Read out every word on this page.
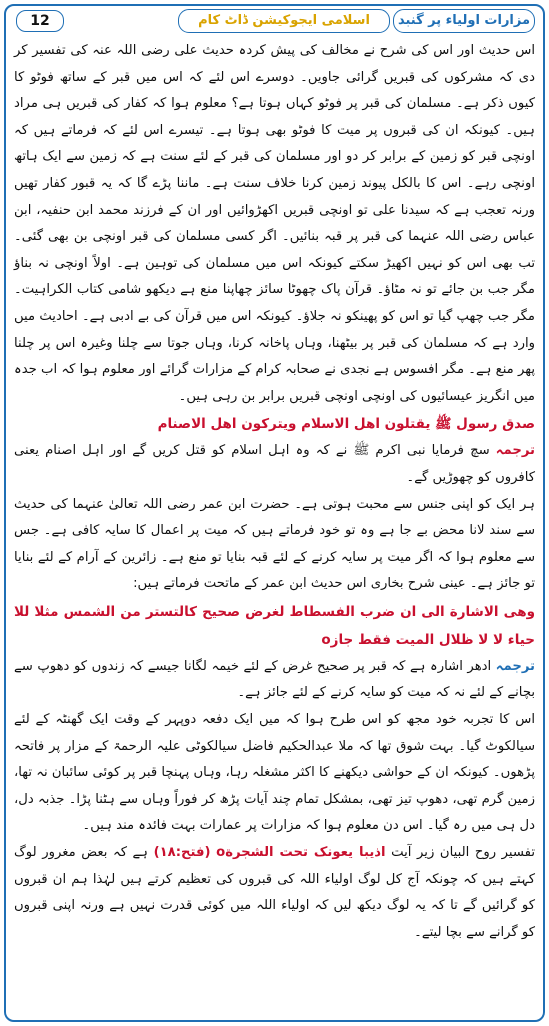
12	اسلامی ایجوکیشن ڈاٹ کام	مزارات اولیاء پر گنبد

اس حدیث اور اس کی شرح نے مخالف کی پیش کردہ حدیث علی رضی اللہ عنہ کی تفسیر کر دی کہ مشرکوں کی قبریں گرائی جاویں۔ دوسرے اس لئے کہ اس میں قبر کے ساتھ فوٹو کا کیوں ذکر ہے۔ مسلمان کی قبر پر فوٹو کہاں ہوتا ہے؟ معلوم ہوا کہ کفار کی قبریں ہی مراد ہیں۔ کیونکہ ان کی قبروں پر میت کا فوٹو بھی ہوتا ہے۔ تیسرے اس لئے کہ فرماتے ہیں کہ اونچی قبر کو زمین کے برابر کر دو اور مسلمان کی قبر کے لئے سنت ہے کہ زمین سے ایک ہاتھ اونچی رہے۔ اس کا بالکل پیوند زمین کرنا خلاف سنت ہے۔ ماننا پڑے گا کہ یہ قبور کفار تھیں ورنہ تعجب ہے کہ سیدنا علی تو اونچی قبریں اکھڑوائیں اور ان کے فرزند محمد ابن حنفیہ، ابن عباس رضی اللہ عنہما کی قبر پر قبہ بنائیں۔ اگر کسی مسلمان کی قبر اونچی بن بھی گئی۔ تب بھی اس کو نہیں اکھیڑ سکتے کیونکہ اس میں مسلمان کی توہین ہے۔ اولاً اونچی نہ بناؤ مگر جب بن جائے تو نہ مٹاؤ۔ قرآن پاک چھوٹا سائز چھاپنا منع ہے دیکھو شامی کتاب الکراہیت۔ مگر جب چھپ گیا تو اس کو پھینکو نہ جلاؤ۔ کیونکہ اس میں قرآن کی بے ادبی ہے۔ احادیث میں وارد ہے کہ مسلمان کی قبر پر بیٹھنا، وہاں پاخانہ کرنا، وہاں جوتا سے چلنا وغیرہ اس پر چلنا پھر منع ہے۔ مگر افسوس ہے نجدی نے صحابہ کرام کے مزارات گرائے اور معلوم ہوا کہ اب جدہ میں انگریز عیسائیوں کی اونچی اونچی قبریں برابر بن رہی ہیں۔

صدق رسول ﷺ یقتلون اهل الاسلام ویترکون اهل الاصنام

ترجمہ سچ فرمایا نبی اکرم ﷺ نے کہ وہ اہل اسلام کو قتل کریں گے اور اہل اصنام یعنی کافروں کو چھوڑیں گے۔

ہر ایک کو اپنی جنس سے محبت ہوتی ہے۔ حضرت ابن عمر رضی اللہ تعالیٰ عنہما کی حدیث سے سند لانا محض بے جا ہے وہ تو خود فرماتے ہیں کہ میت پر اعمال کا سایہ کافی ہے۔ جس سے معلوم ہوا کہ اگر میت پر سایہ کرنے کے لئے قبہ بنایا تو منع ہے۔ زائرین کے آرام کے لئے بنایا تو جائز ہے۔ عینی شرح بخاری اس حدیث ابن عمر کے ماتحت فرماتے ہیں:

وهی الاشارة الی ان ضرب الفسطاط لغرض صحیح کالتستر من الشمس مثلا للا حیاء لا لا ظلال المیت فقط جازo

ترجمہ ادھر اشارہ ہے کہ قبر پر صحیح غرض کے لئے خیمہ لگانا جیسے کہ زندوں کو دھوپ سے بچانے کے لئے نہ کہ میت کو سایہ کرنے کے لئے جائز ہے۔

اس کا تجربہ خود مجھ کو اس طرح ہوا کہ میں ایک دفعہ دوپہر کے وقت ایک گھنٹہ کے لئے سیالکوٹ گیا۔ بہت شوق تھا کہ ملا عبدالحکیم فاضل سیالکوٹی علیہ الرحمۃ کے مزار پر فاتحہ پڑھوں۔ کیونکہ ان کے حواشی دیکھنے کا اکثر مشغلہ رہا، وہاں پہنچا قبر پر کوئی سائبان نہ تھا، زمین گرم تھی، دھوپ تیز تھی، بمشکل تمام چند آیات پڑھ کر فوراً وہاں سے ہٹنا پڑا۔ جذبہ دل، دل ہی میں رہ گیا۔ اس دن معلوم ہوا کہ مزارات پر عمارات بہت فائدہ مند ہیں۔

تفسیر روح البیان زیر آیت اذیبا یعونک تحت الشجرةo (فتح:۱۸) ہے کہ بعض مغرور لوگ کہتے ہیں کہ چونکہ آج کل لوگ اولیاء اللہ کی قبروں کی تعظیم کرتے ہیں لہٰذا ہم ان قبروں کو گرائیں گے تا کہ یہ لوگ دیکھ لیں کہ اولیاء اللہ میں کوئی قدرت نہیں ہے ورنہ اپنی قبروں کو گرانے سے بچا لیتے۔
